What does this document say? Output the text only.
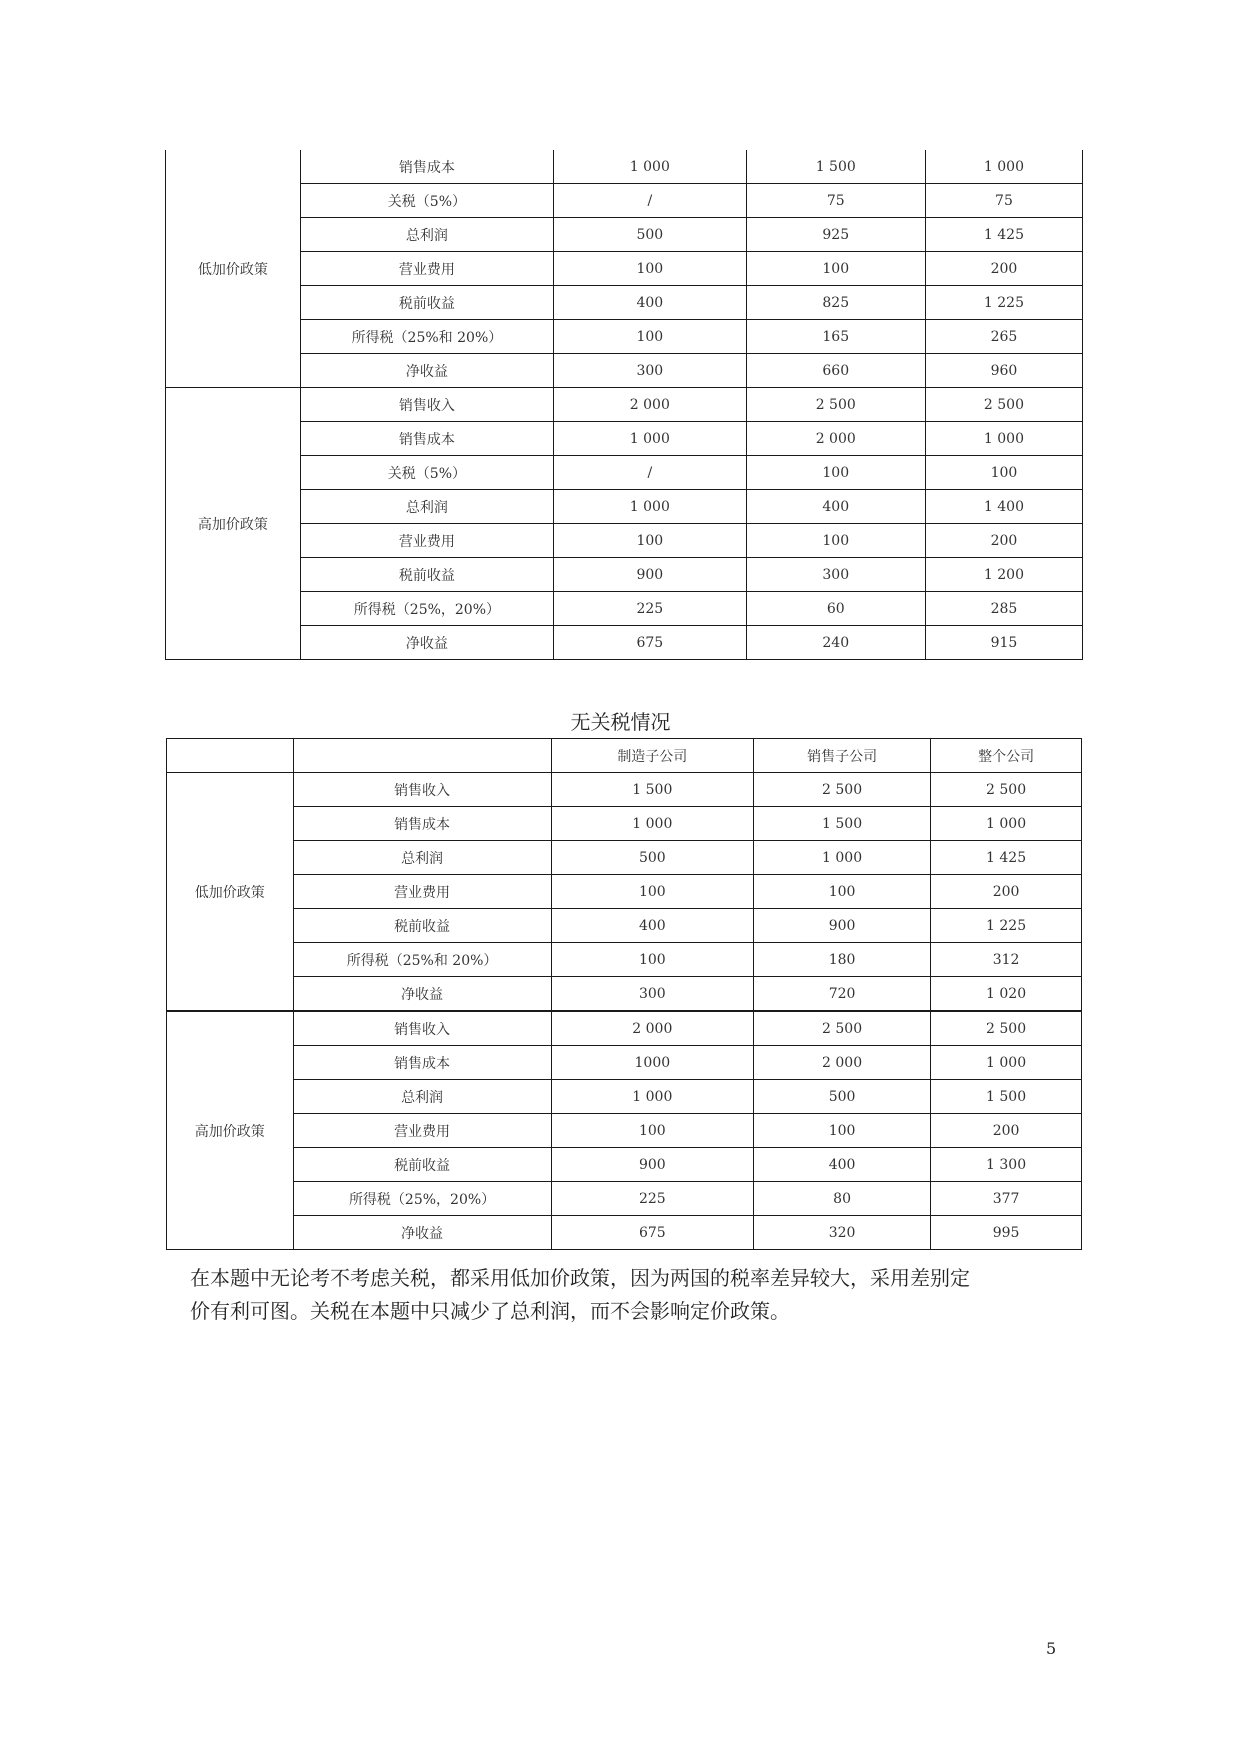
低加价政策	销售成本	1 000	1 500	1 000
	关税（5%）	/	75	75
	总利润	500	925	1 425
	营业费用	100	100	200
	税前收益	400	825	1 225
	所得税（25%和 20%）	100	165	265
	净收益	300	660	960
高加价政策	销售收入	2 000	2 500	2 500
	销售成本	1 000	2 000	1 000
	关税（5%）	/	100	100
	总利润	1 000	400	1 400
	营业费用	100	100	200
	税前收益	900	300	1 200
	所得税（25%，20%）	225	60	285
	净收益	675	240	915
无关税情况
		制造子公司	销售子公司	整个公司
低加价政策	销售收入	1 500	2 500	2 500
	销售成本	1 000	1 500	1 000
	总利润	500	1 000	1 425
	营业费用	100	100	200
	税前收益	400	900	1 225
	所得税（25%和 20%）	100	180	312
	净收益	300	720	1 020
高加价政策	销售收入	2 000	2 500	2 500
	销售成本	1000	2 000	1 000
	总利润	1 000	500	1 500
	营业费用	100	100	200
	税前收益	900	400	1 300
	所得税（25%，20%）	225	80	377
	净收益	675	320	995
在本题中无论考不考虑关税，都采用低加价政策，因为两国的税率差异较大，采用差别定
价有利可图。关税在本题中只减少了总利润，而不会影响定价政策。
5
